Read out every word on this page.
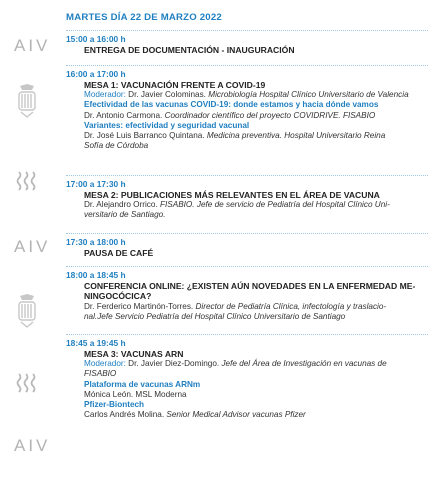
MARTES DÍA 22 DE MARZO 2022
AIV
AIV
AIV
15:00 a 16:00 h
ENTREGA DE DOCUMENTACIÓN - INAUGURACIÓN
16:00 a 17:00 h
MESA 1: VACUNACIÓN FRENTE A COVID-19
Moderador: Dr. Javier Colominas. Microbiología Hospital Clínico Universitario de Valencia
Efectividad de las vacunas COVID-19: donde estamos y hacia dónde vamos
Dr. Antonio Carmona. Coordinador científico del proyecto COVIDRIVE. FISABIO
Variantes: efectividad y seguridad vacunal
Dr. José Luis Barranco Quintana. Medicina preventiva. Hospital Universitario Reina
Sofía de Córdoba
17:00 a 17:30 h
MESA 2: PUBLICACIONES MÁS RELEVANTES EN EL ÁREA DE VACUNA
Dr. Alejandro Orrico. FISABIO. Jefe de servicio de Pediatría del Hospital Clínico Uni-
versitario de Santiago.
17:30 a 18:00 h
PAUSA DE CAFÉ
18:00 a 18:45 h
CONFERENCIA ONLINE: ¿EXISTEN AÚN NOVEDADES EN LA ENFERMEDAD ME-
NINGOCÓCICA?
Dr. Ferderico Martinón-Torres. Director de Pediatría Clínica, infectología y traslacio-
nal.Jefe Servicio Pediatría del Hospital Clínico Universitario de Santiago
18:45 a 19:45 h
MESA 3: VACUNAS ARN
Moderador: Dr. Javier Diez-Domingo. Jefe del Área de Investigación en vacunas de
FISABIO
Plataforma de vacunas ARNm
Mónica León. MSL Moderna
Pfizer-Biontech
Carlos Andrés Molina. Senior Medical Advisor vacunas Pfizer
